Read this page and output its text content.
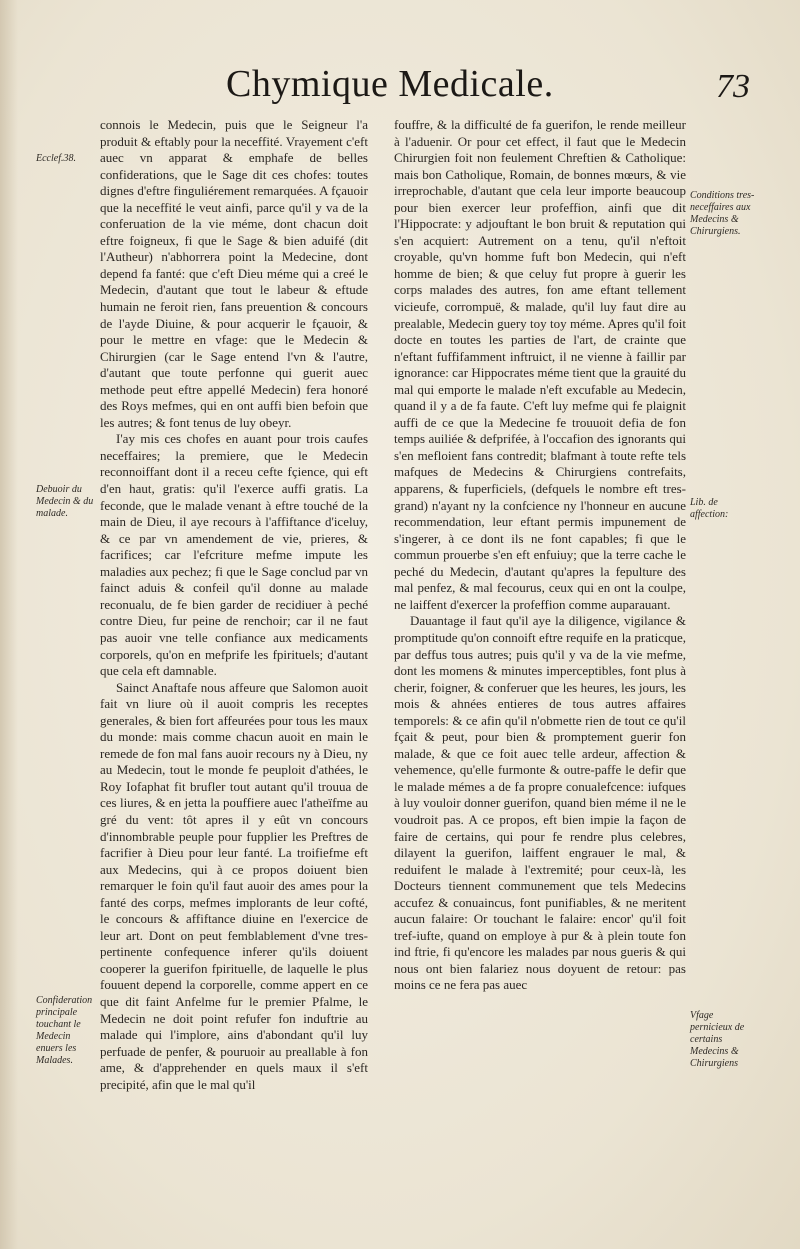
Chymique Medicale.	73

connois le Medecin, puis que le Seigneur l'a produit & eftably pour la neceffité. Vrayement c'eft auec vn apparat & emphafe de belles confiderations, que le Sage dit ces chofes: toutes dignes d'eftre finguliérement remarquées. A fçauoir que la neceffité le veut ainfi, parce qu'il y va de la conferuation de la vie méme, dont chacun doit eftre foigneux, fi que le Sage & bien aduifé (dit l'Autheur) n'abhorrera point la Medecine, dont depend fa fanté: que c'eft Dieu méme qui a creé le Medecin, d'autant que tout le labeur & eftude humain ne feroit rien, fans preuention & concours de l'ayde Diuine, & pour acquerir le fçauoir, & pour le mettre en vfage: que le Medecin & Chirurgien (car le Sage entend l'vn & l'autre, d'autant que toute perfonne qui guerit auec methode peut eftre appellé Medecin) fera honoré des Roys mefmes, qui en ont auffi bien befoin que les autres; & font tenus de luy obeyr.

I'ay mis ces chofes en auant pour trois caufes neceffaires; la premiere, que le Medecin reconnoiffant dont il a receu cefte fçience, qui eft d'en haut, gratis: qu'il l'exerce auffi gratis. La feconde, que le malade venant à eftre touché de la main de Dieu, il aye recours à l'affiftance d'iceluy, & ce par vn amendement de vie, prieres, & facrifices; car l'efcriture mefme impute les maladies aux pechez; fi que le Sage conclud par vn fainct aduis & confeil qu'il donne au malade reconualu, de fe bien garder de recidiuer à peché contre Dieu, fur peine de renchoir; car il ne faut pas auoir vne telle confiance aux medicaments corporels, qu'on en mefprife les fpirituels; d'autant que cela eft damnable.

Sainct Anaftafe nous affeure que Salomon auoit fait vn liure où il auoit compris les receptes generales, & bien fort affeurées pour tous les maux du monde: mais comme chacun auoit en main le remede de fon mal fans auoir recours ny à Dieu, ny au Medecin, tout le monde fe peuploit d'athées, le Roy Iofaphat fit brufler tout autant qu'il trouua de ces liures, & en jetta la pouffiere auec l'atheïfme au gré du vent: tôt apres il y eût vn concours d'innombrable peuple pour fupplier les Preftres de facrifier à Dieu pour leur fanté. La troifiefme eft aux Medecins, qui à ce propos doiuent bien remarquer le foin qu'il faut auoir des ames pour la fanté des corps, mefmes implorants de leur cofté, le concours & affiftance diuine en l'exercice de leur art. Dont on peut femblablement d'vne tres-pertinente confequence inferer qu'ils doiuent cooperer la guerifon fpirituelle, de laquelle le plus fouuent depend la corporelle, comme appert en ce que dit faint Anfelme fur le premier Pfalme, le Medecin ne doit point refufer fon induftrie au malade qui l'implore, ains d'abondant qu'il luy perfuade de penfer, & pouruoir au preallable à fon ame, & d'apprehender en quels maux il s'eft precipité, afin que le mal qu'il

fouffre, & la difficulté de fa guerifon, le rende meilleur à l'aduenir. Or pour cet effect, il faut que le Medecin Chirurgien foit non feulement Chreftien & Catholique: mais bon Catholique, Romain, de bonnes mœurs, & vie irreprochable, d'autant que cela leur importe beaucoup pour bien exercer leur profeffion, ainfi que dit l'Hippocrate: y adjouftant le bon bruit & reputation qui s'en acquiert: Autrement on a tenu, qu'il n'eftoit croyable, qu'vn homme fuft bon Medecin, qui n'eft homme de bien; & que celuy fut propre à guerir les corps malades des autres, fon ame eftant tellement vicieufe, corrompuë, & malade, qu'il luy faut dire au prealable, Medecin guery toy toy méme. Apres qu'il foit docte en toutes les parties de l'art, de crainte que n'eftant fuffifamment inftruict, il ne vienne à faillir par ignorance: car Hippocrates méme tient que la grauité du mal qui emporte le malade n'eft excufable au Medecin, quand il y a de fa faute. C'eft luy mefme qui fe plaignit auffi de ce que la Medecine fe trouuoit defia de fon temps auiliée & defprifée, à l'occafion des ignorants qui s'en mefloient fans contredit; blafmant à toute refte tels mafques de Medecins & Chirurgiens contrefaits, apparens, & fuperficiels, (defquels le nombre eft tres-grand) n'ayant ny la confcience ny l'honneur en aucune recommendation, leur eftant permis impunement de s'ingerer, à ce dont ils ne font capables; fi que le commun prouerbe s'en eft enfuiuy; que la terre cache le peché du Medecin, d'autant qu'apres la fepulture des mal penfez, & mal fecourus, ceux qui en ont la coulpe, ne laiffent d'exercer la profeffion comme auparauant.

Dauantage il faut qu'il aye la diligence, vigilance & promptitude qu'on connoift eftre requife en la praticque, par deffus tous autres; puis qu'il y va de la vie mefme, dont les momens & minutes imperceptibles, font plus à cherir, foigner, & conferuer que les heures, les jours, les mois & ahnées entieres de tous autres affaires temporels: & ce afin qu'il n'obmette rien de tout ce qu'il fçait & peut, pour bien & promptement guerir fon malade, & que ce foit auec telle ardeur, affection & vehemence, qu'elle furmonte & outre-paffe le defir que le malade mémes a de fa propre conualefcence: iufques à luy vouloir donner guerifon, quand bien méme il ne le voudroit pas. A ce propos, eft bien impie la façon de faire de certains, qui pour fe rendre plus celebres, dilayent la guerifon, laiffent engrauer le mal, & reduifent le malade à l'extremité; pour ceux-là, les Docteurs tiennent communement que tels Medecins accufez & conuaincus, font punifiables, & ne meritent aucun falaire: Or touchant le falaire: encor' qu'il foit tref-iufte, quand on employe à pur & à plein toute fon ind ftrie, fi qu'encore les malades par nous gueris & qui nous ont bien falariez nous doyuent de retour: pas moins ce ne fera pas auec

Ecclef.38.
Debuoir du Medecin & du malade.
Confideration principale touchant le Medecin enuers les Malades.
Conditions tres-neceffaires aux Medecins & Chirurgiens.
Lib. de affection:
Vfage pernicieux de certains Medecins & Chirurgiens
